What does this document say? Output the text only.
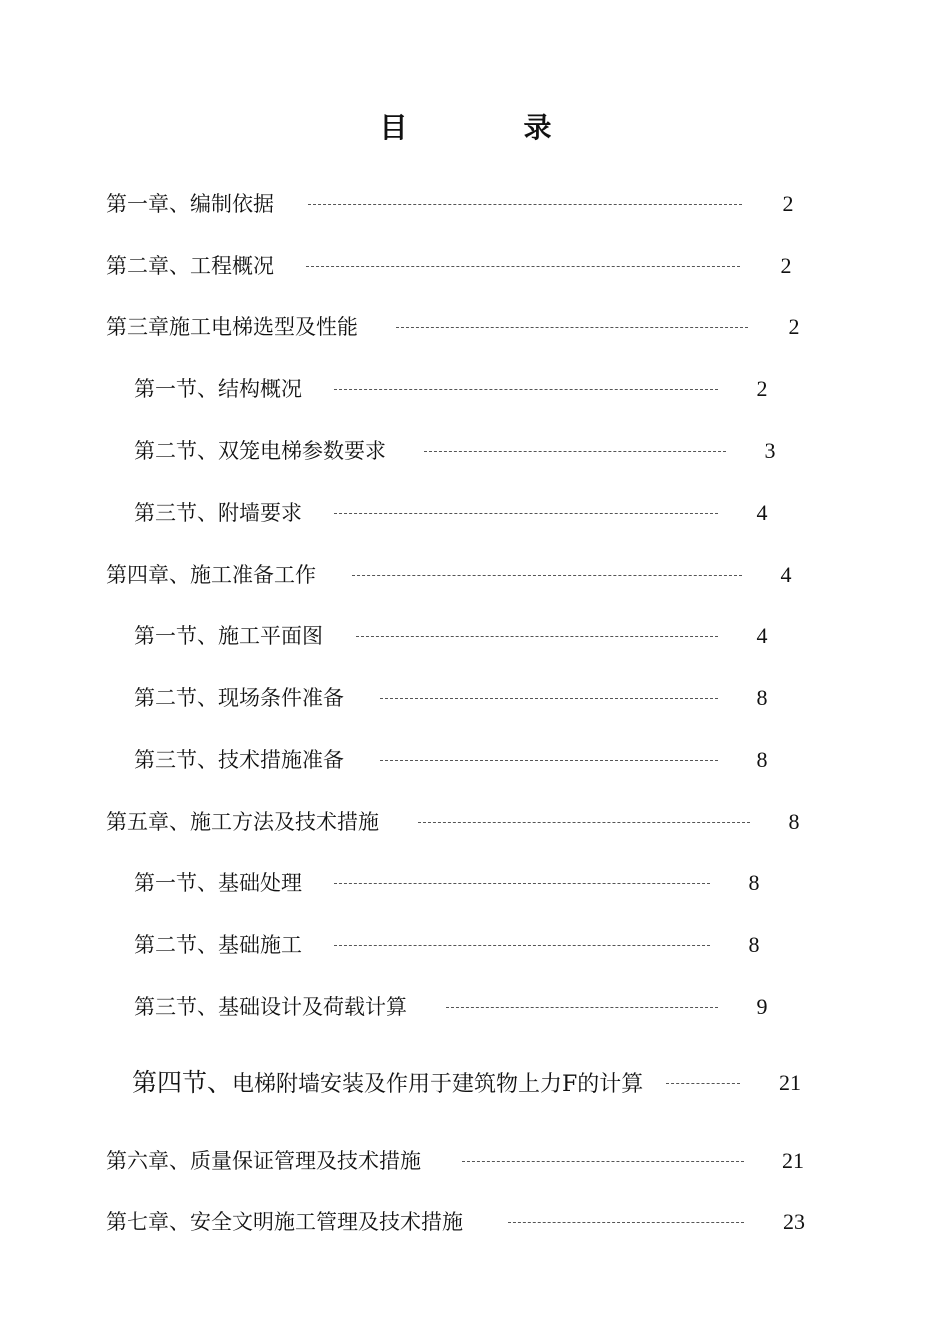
目　录
第一章、编制依据	2
第二章、工程概况	2
第三章施工电梯选型及性能	2
第一节、结构概况	2
第二节、双笼电梯参数要求	3
第三节、附墙要求	4
第四章、施工准备工作	4
第一节、施工平面图	4
第二节、现场条件准备	8
第三节、技术措施准备	8
第五章、施工方法及技术措施	8
第一节、基础处理	8
第二节、基础施工	8
第三节、基础设计及荷载计算	9
第四节、电梯附墙安装及作用于建筑物上力F的计算	21
第六章、质量保证管理及技术措施	21
第七章、安全文明施工管理及技术措施	23
